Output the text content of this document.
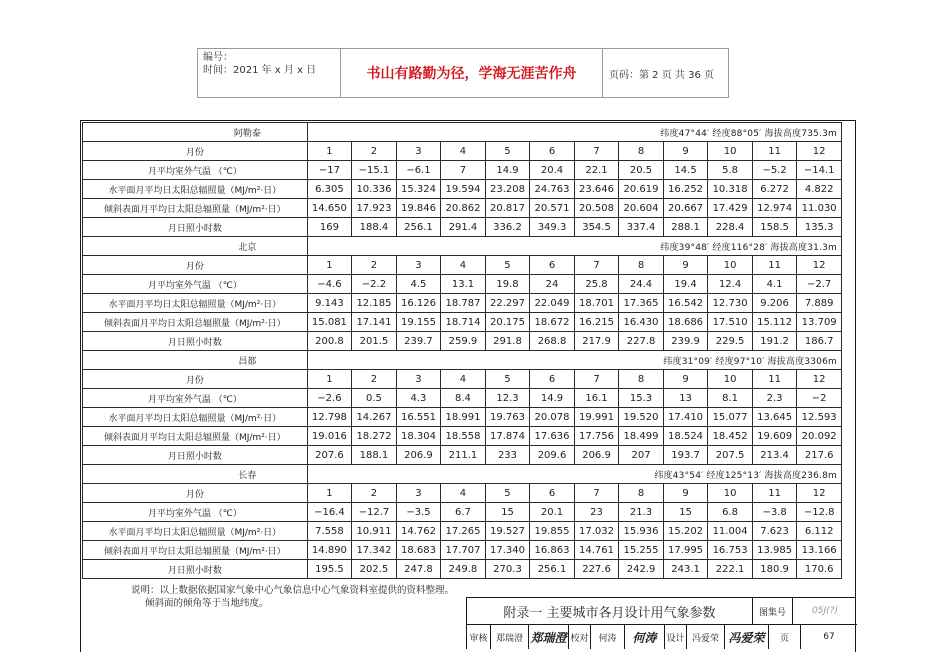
编号：
时间：2021 年 x 月 x 日	书山有路勤为径，学海无涯苦作舟	页码：第 2 页 共 36 页
阿勒泰	纬度47°44′ 经度88°05′ 海拔高度735.3m											
月份	1	2	3	4	5	6	7	8	9	10	11	12
月平均室外气温 （℃）	−17	−15.1	−6.1	7	14.9	20.4	22.1	20.5	14.5	5.8	−5.2	−14.1
水平面月平均日太阳总辐照量（MJ/m²·日）	6.305	10.336	15.324	19.594	23.208	24.763	23.646	20.619	16.252	10.318	6.272	4.822
倾斜表面月平均日太阳总辐照量（MJ/m²·日）	14.650	17.923	19.846	20.862	20.817	20.571	20.508	20.604	20.667	17.429	12.974	11.030
月日照小时数	169	188.4	256.1	291.4	336.2	349.3	354.5	337.4	288.1	228.4	158.5	135.3
北京	纬度39°48′ 经度116°28′ 海拔高度31.3m											
月份	1	2	3	4	5	6	7	8	9	10	11	12
月平均室外气温 （℃）	−4.6	−2.2	4.5	13.1	19.8	24	25.8	24.4	19.4	12.4	4.1	−2.7
水平面月平均日太阳总辐照量（MJ/m²·日）	9.143	12.185	16.126	18.787	22.297	22.049	18.701	17.365	16.542	12.730	9.206	7.889
倾斜表面月平均日太阳总辐照量（MJ/m²·日）	15.081	17.141	19.155	18.714	20.175	18.672	16.215	16.430	18.686	17.510	15.112	13.709
月日照小时数	200.8	201.5	239.7	259.9	291.8	268.8	217.9	227.8	239.9	229.5	191.2	186.7
昌都	纬度31°09′ 经度97°10′ 海拔高度3306m											
月份	1	2	3	4	5	6	7	8	9	10	11	12
月平均室外气温 （℃）	−2.6	0.5	4.3	8.4	12.3	14.9	16.1	15.3	13	8.1	2.3	−2
水平面月平均日太阳总辐照量（MJ/m²·日）	12.798	14.267	16.551	18.991	19.763	20.078	19.991	19.520	17.410	15.077	13.645	12.593
倾斜表面月平均日太阳总辐照量（MJ/m²·日）	19.016	18.272	18.304	18.558	17.874	17.636	17.756	18.499	18.524	18.452	19.609	20.092
月日照小时数	207.6	188.1	206.9	211.1	233	209.6	206.9	207	193.7	207.5	213.4	217.6
长春	纬度43°54′ 经度125°13′ 海拔高度236.8m											
月份	1	2	3	4	5	6	7	8	9	10	11	12
月平均室外气温 （℃）	−16.4	−12.7	−3.5	6.7	15	20.1	23	21.3	15	6.8	−3.8	−12.8
水平面月平均日太阳总辐照量（MJ/m²·日）	7.558	10.911	14.762	17.265	19.527	19.855	17.032	15.936	15.202	11.004	7.623	6.112
倾斜表面月平均日太阳总辐照量（MJ/m²·日）	14.890	17.342	18.683	17.707	17.340	16.863	14.761	15.255	17.995	16.753	13.985	13.166
月日照小时数	195.5	202.5	247.8	249.8	270.3	256.1	227.6	242.9	243.1	222.1	180.9	170.6
说明：以上数据依据国家气象中心气象信息中心气象资料室提供的资料整理。
倾斜面的倾角等于当地纬度。
附录一 主要城市各月设计用气象参数	图集号	05J(?)
审核 郑瑞澄 郑瑞澄 校对	何涛	何涛	设计 冯爱荣 冯爱荣	页	67
